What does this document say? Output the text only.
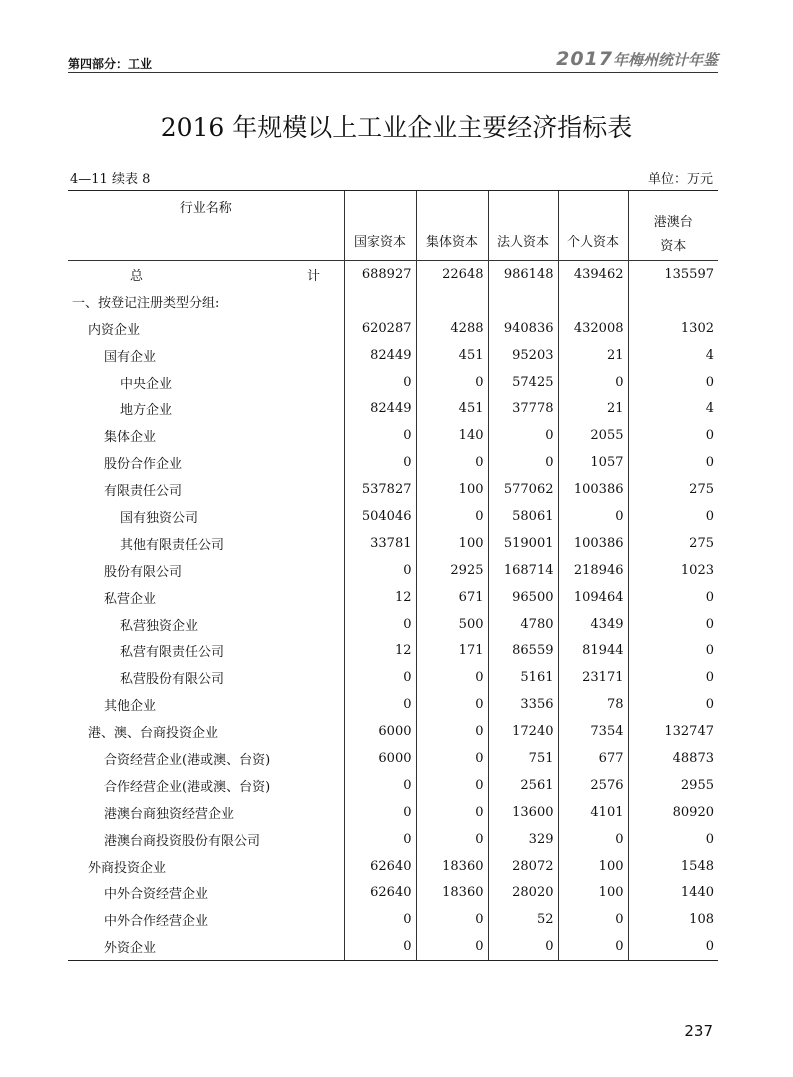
第四部分：工业	2017年梅州统计年鉴
2016 年规模以上工业企业主要经济指标表
4—11 续表 8	单位：万元
行业名称	国家资本	集体资本	法人资本	个人资本	港澳台
资本

总　　计	688927	22648	986148	439462	135597
一、按登记注册类型分组:					
内资企业	620287	4288	940836	432008	1302
国有企业	82449	451	95203	21	4
中央企业	0	0	57425	0	0
地方企业	82449	451	37778	21	4
集体企业	0	140	0	2055	0
股份合作企业	0	0	0	1057	0
有限责任公司	537827	100	577062	100386	275
国有独资公司	504046	0	58061	0	0
其他有限责任公司	33781	100	519001	100386	275
股份有限公司	0	2925	168714	218946	1023
私营企业	12	671	96500	109464	0
私营独资企业	0	500	4780	4349	0
私营有限责任公司	12	171	86559	81944	0
私营股份有限公司	0	0	5161	23171	0
其他企业	0	0	3356	78	0
港、澳、台商投资企业	6000	0	17240	7354	132747
合资经营企业(港或澳、台资)	6000	0	751	677	48873
合作经营企业(港或澳、台资)	0	0	2561	2576	2955
港澳台商独资经营企业	0	0	13600	4101	80920
港澳台商投资股份有限公司	0	0	329	0	0
外商投资企业	62640	18360	28072	100	1548
中外合资经营企业	62640	18360	28020	100	1440
中外合作经营企业	0	0	52	0	108
外资企业	0	0	0	0	0
237
